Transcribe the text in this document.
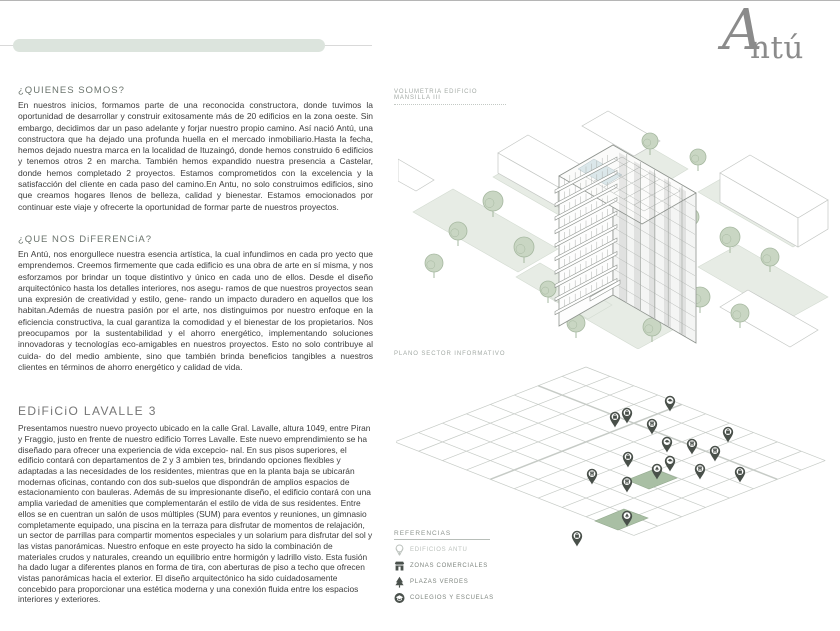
A
ntú
¿QUIENES SOMOS?

En nuestros inicios, formamos parte de una reconocida constructora, donde tuvimos la oportunidad de desarrollar y construir exitosamente más de 20 edificios en la zona oeste. Sin embargo, decidimos dar un paso adelante y forjar nuestro propio camino. Así nació Antú, una constructora que ha dejado una profunda huella en el mercado inmobiliario.Hasta la fecha, hemos dejado nuestra marca en la localidad de Ituzaingó, donde hemos construido 6 edificios y tenemos otros 2 en marcha. También hemos expandido nuestra presencia a Castelar, donde hemos completado 2 proyectos. Estamos comprometidos con la excelencia y la satisfacción del cliente en cada paso del camino.En Antu, no solo construimos edificios, sino que creamos hogares llenos de belleza, calidad y bienestar. Estamos emocionados por continuar este viaje y ofrecerte la oportunidad de formar parte de nuestros proyectos.

¿QUE NOS DiFERENCiA?

En Antú, nos enorgullece nuestra esencia artística, la cual infundimos en cada pro yecto que emprendemos. Creemos firmemente que cada edificio es una obra de arte en sí misma, y nos esforzamos por brindar un toque distintivo y único en cada uno de ellos. Desde el diseño arquitectónico hasta los detalles interiores, nos asegu- ramos de que nuestros proyectos sean una expresión de creatividad y estilo, gene- rando un impacto duradero en aquellos que los habitan.Además de nuestra pasión por el arte, nos distinguimos por nuestro enfoque en la eficiencia constructiva, la cual garantiza la comodidad y el bienestar de los propietarios. Nos preocupamos por la sustentabilidad y el ahorro energético, implementando soluciones innovadoras y tecnologías eco-amigables en nuestros proyectos. Esto no solo contribuye al cuida- do del medio ambiente, sino que también brinda beneficios tangibles a nuestros clientes en términos de ahorro energético y calidad de vida.

EDiFiCiO LAVALLE 3

Presentamos nuestro nuevo proyecto ubicado en la calle Gral. Lavalle, altura 1049, entre Piran y Fraggio, justo en frente de nuestro edificio Torres Lavalle. Este nuevo emprendimiento se ha diseñado para ofrecer una experiencia de vida excepcio- nal. En sus pisos superiores, el edificio contará con departamentos de 2 y 3 ambien tes, brindando opciones flexibles y adaptadas a las necesidades de los residentes, mientras que en la planta baja se ubicarán modernas oficinas, contando con dos sub-suelos que dispondrán de amplios espacios de estacionamiento con bauleras. Además de su impresionante diseño, el edificio contará con una amplia variedad de amenities que complementarán el estilo de vida de sus residentes. Entre ellos se en cuentran un salón de usos múltiples (SUM) para eventos y reuniones, un gimnasio completamente equipado, una piscina en la terraza para disfrutar de momentos de relajación, un sector de parrillas para compartir momentos especiales y un solarium para disfrutar del sol y las vistas panorámicas. Nuestro enfoque en este proyecto ha sido la combinación de materiales crudos y naturales, creando un equilibrio entre hormigón y ladrillo visto. Esta fusión ha dado lugar a diferentes planos en forma de tira, con aberturas de piso a techo que ofrecen vistas panorámicas hacia el exterior. El diseño arquitectónico ha sido cuidadosamente concebido para proporcionar una estética moderna y una conexión fluida entre los espacios interiores y exteriores.

VOLUMETRIA EDIFICIO MANSILLA III
PLANO SECTOR INFORMATIVO
REFERENCIAS
EDIFICIOS ANTU
ZONAS COMERCIALES
PLAZAS VERDES
COLEGIOS Y ESCUELAS
